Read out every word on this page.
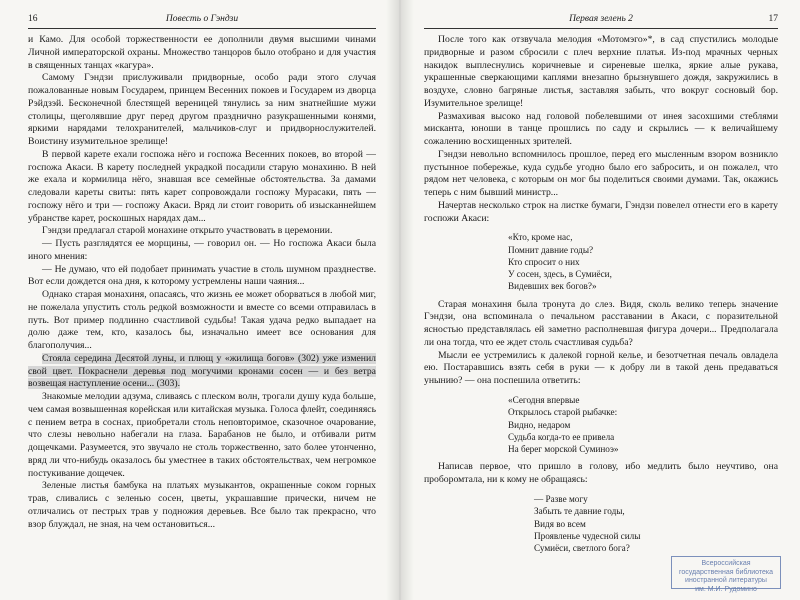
16	Повесть о Гэндзи

и Камо. Для особой торжественности ее дополнили двумя высшими чинами Личной императорской охраны. Множество танцоров было отобрано и для участия в священных танцах «кагура».

Самому Гэндзи прислуживали придворные, особо ради этого случая пожалованные новым Государем, принцем Весенних покоев и Государем из дворца Рэйдзэй. Бесконечной блестящей вереницей тянулись за ним знатнейшие мужи столицы, щеголявшие друг перед другом празднично разукрашенными конями, яркими нарядами телохранителей, мальчиков-слуг и придворнослужителей. Воистину изумительное зрелище!

В первой карете ехали госпожа нёго и госпожа Весенних покоев, во второй — госпожа Акаси. В карету последней украдкой посадили старую монахиню. В ней же ехала и кормилица нёго, знавшая все семейные обстоятельства. За дамами следовали кареты свиты: пять карет сопровождали госпожу Мурасаки, пять — госпожу нёго и три — госпожу Акаси. Вряд ли стоит говорить об изысканнейшем убранстве карет, роскошных нарядах дам...

Гэндзи предлагал старой монахине открыто участвовать в церемонии.

— Пусть разглядятся ее морщины, — говорил он. — Но госпожа Акаси была иного мнения:

— Не думаю, что ей подобает принимать участие в столь шумном празднестве. Вот если дождется она дня, к которому устремлены наши чаяния...

Однако старая монахиня, опасаясь, что жизнь ее может оборваться в любой миг, не пожелала упустить столь редкой возможности и вместе со всеми отправилась в путь. Вот пример подлинно счастливой судьбы! Такая удача редко выпадает на долю даже тем, кто, казалось бы, изначально имеет все основания для благополучия...

Стояла середина Десятой луны, и плющ у «жилища богов» (302) уже изменил свой цвет. Покраснели деревья под могучими кронами сосен — и без ветра возвещая наступление осени... (303).

Знакомые мелодии адзума, сливаясь с плеском волн, трогали душу куда больше, чем самая возвышенная корейская или китайская музыка. Голоса флейт, соединяясь с пением ветра в соснах, приобретали столь неповторимое, сказочное очарование, что слезы невольно набегали на глаза. Барабанов не было, и отбивали ритм дощечками. Разумеется, это звучало не столь торжественно, зато более утонченно, вряд ли что-нибудь оказалось бы уместнее в таких обстоятельствах, чем негромкое постукивание дощечек.

Зеленые листья бамбука на платьях музыкантов, окрашенные соком горных трав, сливались с зеленью сосен, цветы, украшавшие прически, ничем не отличались от пестрых трав у подножия деревьев. Все было так прекрасно, что взор блуждал, не зная, на чем остановиться...

Первая зелень 2	17

После того как отзвучала мелодия «Мотомэго»*, в сад спустились молодые придворные и разом сбросили с плеч верхние платья. Из-под мрачных черных накидок выплеснулись коричневые и сиреневые шелка, яркие алые рукава, украшенные сверкающими каплями внезапно брызнувшего дождя, закружились в воздухе, словно багряные листья, заставляя забыть, что вокруг сосновый бор. Изумительное зрелище!

Размахивая высоко над головой побелевшими от инея засохшими стеблями мисканта, юноши в танце прошлись по саду и скрылись — к величайшему сожалению восхищенных зрителей.

Гэндзи невольно вспомнилось прошлое, перед его мысленным взором возникло пустынное побережье, куда судьбе угодно было его забросить, и он пожалел, что рядом нет человека, с которым он мог бы поделиться своими думами. Так, окажись теперь с ним бывший министр...

Начертав несколько строк на листке бумаги, Гэндзи повелел отнести его в карету госпожи Акаси:

«Кто, кроме нас,
Помнит давние годы?
Кто спросит о них
У сосен, здесь, в Сумиёси,
Видевших век богов?»

Старая монахиня была тронута до слез. Видя, сколь велико теперь значение Гэндзи, она вспоминала о печальном расставании в Акаси, с поразительной ясностью представлялась ей заметно располневшая фигура дочери... Предполагала ли она тогда, что ее ждет столь счастливая судьба?

Мысли ее устремились к далекой горной келье, и безотчетная печаль овладела ею. Постаравшись взять себя в руки — к добру ли в такой день предаваться унынию? — она поспешила ответить:

«Сегодня впервые
Открылось старой рыбачке:
Видно, недаром
Судьба когда-то ее привела
На берег морской Суминоэ»

Написав первое, что пришло в голову, ибо медлить было неучтиво, она проборомтала, ни к кому не обращаясь:

— Разве могу
Забыть те давние годы,
Видя во всем
Проявленье чудесной силы
Сумиёси, светлого бога?
Всероссийская
государственная библиотека
иностранной литературы
им. М.И. Рудомино
